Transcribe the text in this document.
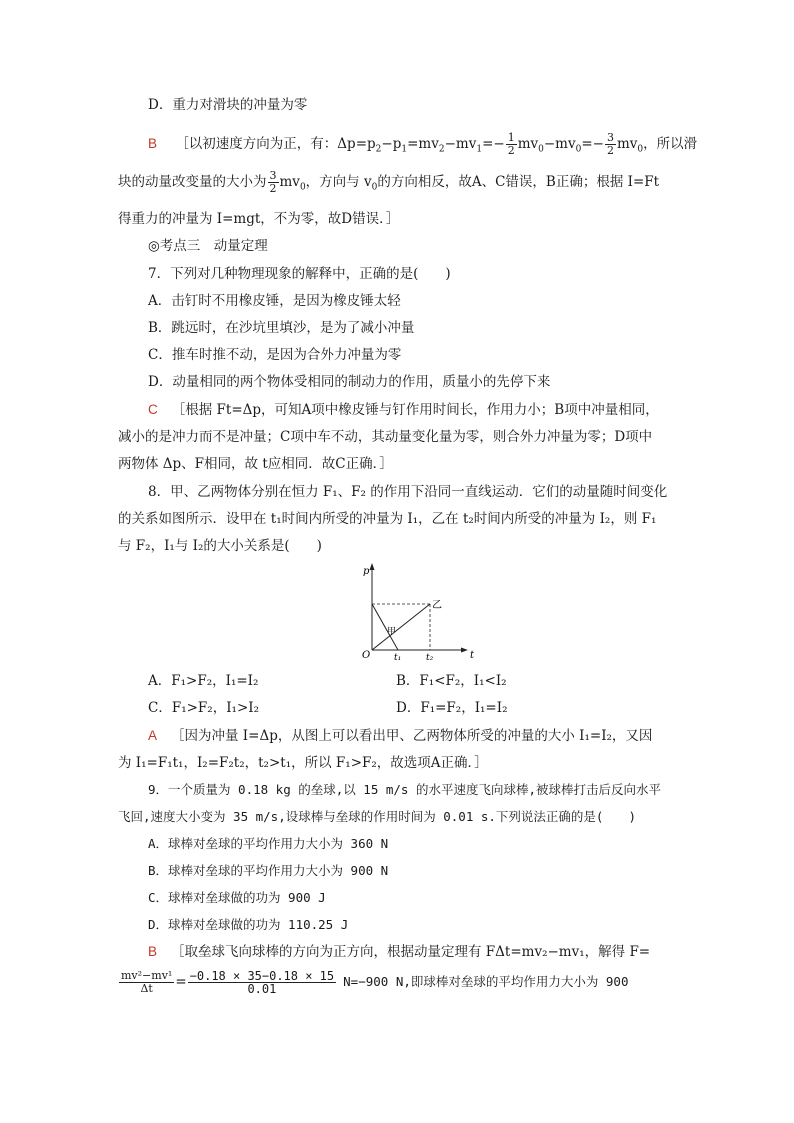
D．重力对滑块的冲量为零
B ［以初速度方向为正，有：$\Delta p=p_2-p_1=mv_2-mv_1=- \frac{1}{2} mv_0-mv_0=- \frac{3}{2} mv_0$，所以滑
块的动量改变量的大小为 $\frac{3}{2} mv_0$，方向与 $v_0$的方向相反，故A、C错误，B正确；根据 I=Ft
得重力的冲量为 I=mgt，不为零，故D错误．］
◎考点三　动量定理
7．下列对几种物理现象的解释中，正确的是(　　)
A．击钉时不用橡皮锤，是因为橡皮锤太轻
B．跳远时，在沙坑里填沙，是为了减小冲量
C．推车时推不动，是因为合外力冲量为零
D．动量相同的两个物体受相同的制动力的作用，质量小的先停下来
C ［根据 Ft=Δp，可知A项中橡皮锤与钉作用时间长，作用力小；B项中冲量相同，
减小的是冲力而不是冲量；C项中车不动，其动量变化量为零，则合外力冲量为零；D项中
两物体 Δp、F相同，故 t应相同．故C正确．］
8．甲、乙两物体分别在恒力 F₁、F₂ 的作用下沿同一直线运动．它们的动量随时间变化
的关系如图所示．设甲在 t₁时间内所受的冲量为 I₁，乙在 t₂时间内所受的冲量为 I₂，则 F₁
与 F₂，I₁与 I₂的大小关系是(　　)
p
t
O	t₁	t₂
甲
乙
A．F₁>F₂，I₁=I₂	B．F₁<F₂，I₁<I₂
C．F₁>F₂，I₁>I₂	D．F₁=F₂，I₁=I₂
A ［因为冲量 I=Δp，从图上可以看出甲、乙两物体所受的冲量的大小 I₁=I₂，又因
为 I₁=F₁t₁，I₂=F₂t₂，t₂>t₁，所以 F₁>F₂，故选项A正确．］
9．一个质量为 0.18 kg 的垒球,以 15 m/s 的水平速度飞向球棒,被球棒打击后反向水平
飞回,速度大小变为 35 m/s,设球棒与垒球的作用时间为 0.01 s.下列说法正确的是(　　)
A．球棒对垒球的平均作用力大小为 360 N
B．球棒对垒球的平均作用力大小为 900 N
C．球棒对垒球做的功为 900 J
D．球棒对垒球做的功为 110.25 J
B ［取垒球飞向球棒的方向为正方向，根据动量定理有 FΔt=mv₂−mv₁，解得 F=
$\frac{\text{mv²−mv¹}}{\Delta t} = \frac{-0.18 \times 35-0.18 \times 15}{0.01} N=-900$ N,即球棒对垒球的平均作用力大小为 900
